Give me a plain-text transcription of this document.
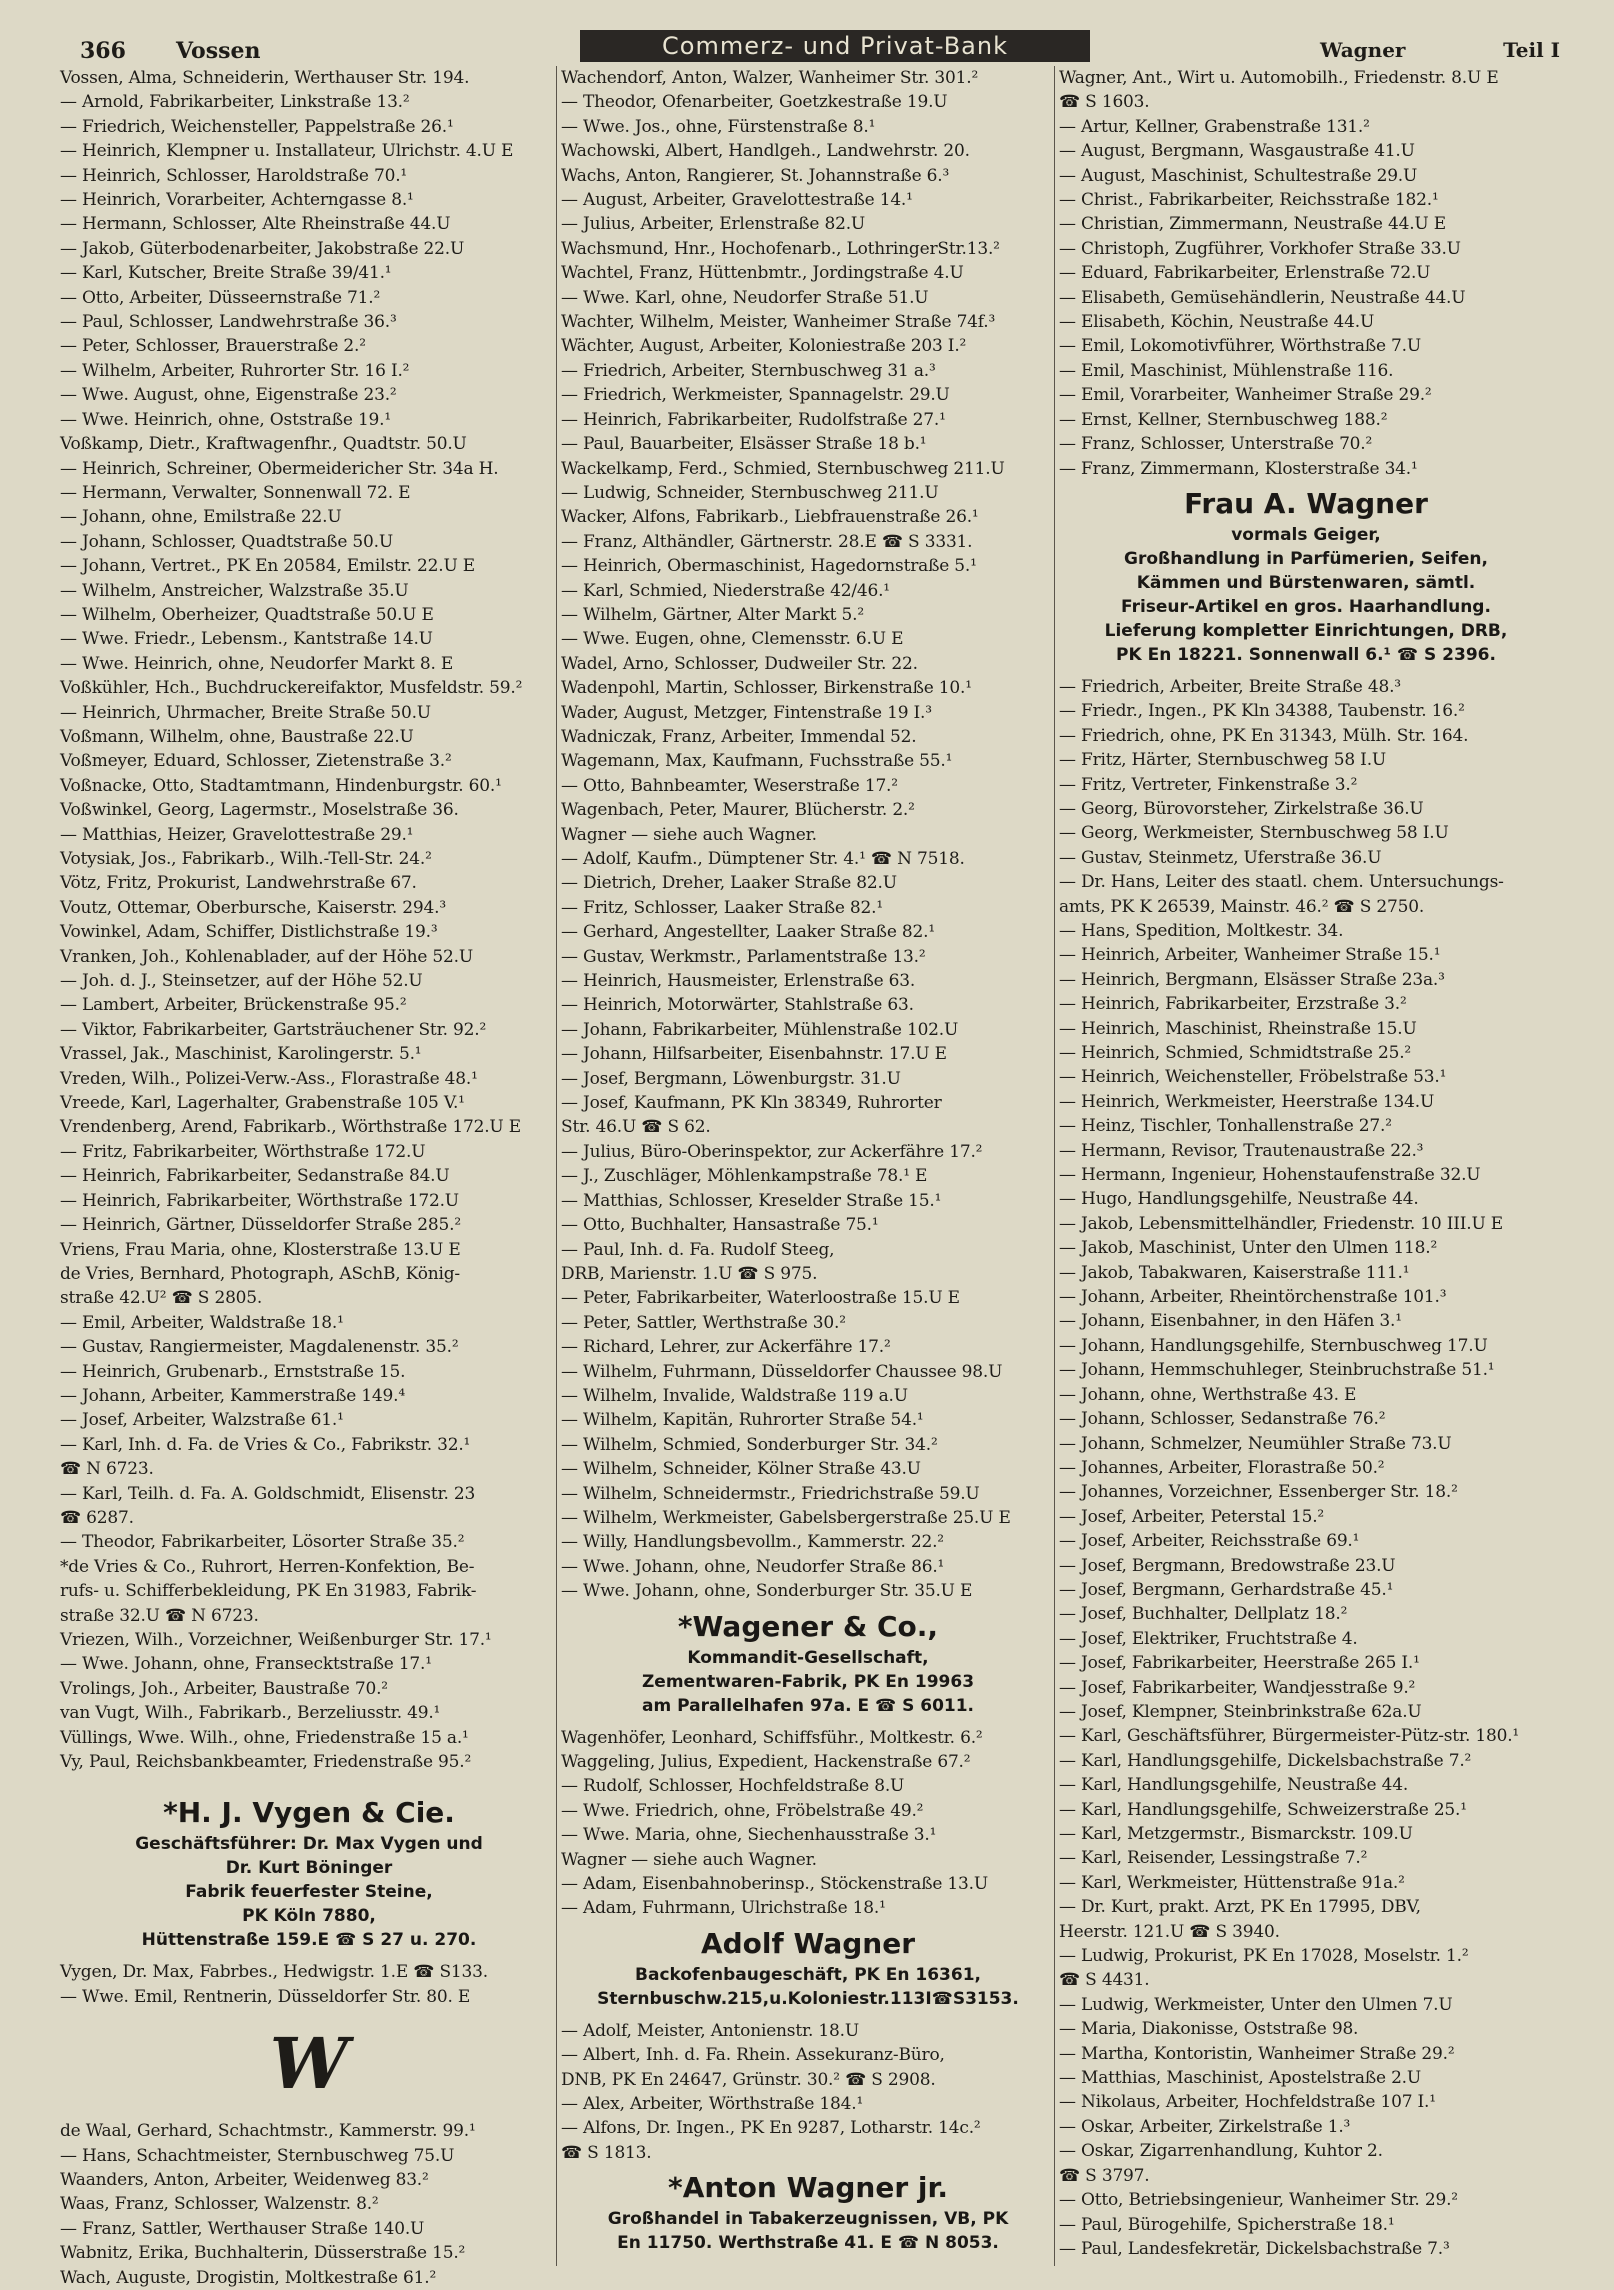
366 Vossen	Commerz- und Privat-Bank	Wagner	Teil I
Vossen, Alma, Schneiderin, Werthauser Str. 194.
— Arnold, Fabrikarbeiter, Linkstraße 13.²
— Friedrich, Weichensteller, Pappelstraße 26.¹
— Heinrich, Klempner u. Installateur, Ulrichstr. 4.U E
— Heinrich, Schlosser, Haroldstraße 70.¹
— Heinrich, Vorarbeiter, Achterngasse 8.¹
— Hermann, Schlosser, Alte Rheinstraße 44.U
— Jakob, Güterbodenarbeiter, Jakobstraße 22.U
— Karl, Kutscher, Breite Straße 39/41.¹
— Otto, Arbeiter, Düsseernstraße 71.²
— Paul, Schlosser, Landwehrstraße 36.³
— Peter, Schlosser, Brauerstraße 2.²
— Wilhelm, Arbeiter, Ruhrorter Str. 16 I.²
— Wwe. August, ohne, Eigenstraße 23.²
— Wwe. Heinrich, ohne, Oststraße 19.¹
Voßkamp, Dietr., Kraftwagenfhr., Quadtstr. 50.U
— Heinrich, Schreiner, Obermeidericher Str. 34a H.
— Hermann, Verwalter, Sonnenwall 72. E
— Johann, ohne, Emilstraße 22.U
— Johann, Schlosser, Quadtstraße 50.U
— Johann, Vertret., PK En 20584, Emilstr. 22.U E
— Wilhelm, Anstreicher, Walzstraße 35.U
— Wilhelm, Oberheizer, Quadtstraße 50.U E
— Wwe. Friedr., Lebensm., Kantstraße 14.U
— Wwe. Heinrich, ohne, Neudorfer Markt 8. E
Voßkühler, Hch., Buchdruckereifaktor, Musfeldstr. 59.²
— Heinrich, Uhrmacher, Breite Straße 50.U
Voßmann, Wilhelm, ohne, Baustraße 22.U
Voßmeyer, Eduard, Schlosser, Zietenstraße 3.²
Voßnacke, Otto, Stadtamtmann, Hindenburgstr. 60.¹
Voßwinkel, Georg, Lagermstr., Moselstraße 36.
— Matthias, Heizer, Gravelottestraße 29.¹
Votysiak, Jos., Fabrikarb., Wilh.-Tell-Str. 24.²
Vötz, Fritz, Prokurist, Landwehrstraße 67.
Voutz, Ottemar, Oberbursche, Kaiserstr. 294.³
Vowinkel, Adam, Schiffer, Distlichstraße 19.³
Vranken, Joh., Kohlenablader, auf der Höhe 52.U
— Joh. d. J., Steinsetzer, auf der Höhe 52.U
— Lambert, Arbeiter, Brückenstraße 95.²
— Viktor, Fabrikarbeiter, Gartsträuchener Str. 92.²
Vrassel, Jak., Maschinist, Karolingerstr. 5.¹
Vreden, Wilh., Polizei-Verw.-Ass., Florastraße 48.¹
Vreede, Karl, Lagerhalter, Grabenstraße 105 V.¹
Vrendenberg, Arend, Fabrikarb., Wörthstraße 172.U E
— Fritz, Fabrikarbeiter, Wörthstraße 172.U
— Heinrich, Fabrikarbeiter, Sedanstraße 84.U
— Heinrich, Fabrikarbeiter, Wörthstraße 172.U
— Heinrich, Gärtner, Düsseldorfer Straße 285.²
Vriens, Frau Maria, ohne, Klosterstraße 13.U E
de Vries, Bernhard, Photograph, ASchB, König-
straße 42.U² ☎ S 2805.
— Emil, Arbeiter, Waldstraße 18.¹
— Gustav, Rangiermeister, Magdalenenstr. 35.²
— Heinrich, Grubenarb., Ernststraße 15.
— Johann, Arbeiter, Kammerstraße 149.⁴
— Josef, Arbeiter, Walzstraße 61.¹
— Karl, Inh. d. Fa. de Vries & Co., Fabrikstr. 32.¹
☎ N 6723.
— Karl, Teilh. d. Fa. A. Goldschmidt, Elisenstr. 23
☎ 6287.
— Theodor, Fabrikarbeiter, Lösorter Straße 35.²
*de Vries & Co., Ruhrort, Herren-Konfektion, Be-
rufs- u. Schifferbekleidung, PK En 31983, Fabrik-
straße 32.U ☎ N 6723.
Vriezen, Wilh., Vorzeichner, Weißenburger Str. 17.¹
— Wwe. Johann, ohne, Fransecktstraße 17.¹
Vrolings, Joh., Arbeiter, Baustraße 70.²
van Vugt, Wilh., Fabrikarb., Berzeliusstr. 49.¹
Vüllings, Wwe. Wilh., ohne, Friedenstraße 15 a.¹
Vy, Paul, Reichsbankbeamter, Friedenstraße 95.²
*H. J. Vygen & Cie.
Geschäftsführer: Dr. Max Vygen und
Dr. Kurt Böninger
Fabrik feuerfester Steine,
PK Köln 7880,
Hüttenstraße 159.E ☎ S 27 u. 270.
Vygen, Dr. Max, Fabrbes., Hedwigstr. 1.E ☎ S133.
— Wwe. Emil, Rentnerin, Düsseldorfer Str. 80. E
W
de Waal, Gerhard, Schachtmstr., Kammerstr. 99.¹
— Hans, Schachtmeister, Sternbuschweg 75.U
Waanders, Anton, Arbeiter, Weidenweg 83.²
Waas, Franz, Schlosser, Walzenstr. 8.²
— Franz, Sattler, Werthauser Straße 140.U
Wabnitz, Erika, Buchhalterin, Düsserstraße 15.²
Wach, Auguste, Drogistin, Moltkestraße 61.²
Wachendorf, Anton, Walzer, Wanheimer Str. 301.²
— Theodor, Ofenarbeiter, Goetzkestraße 19.U
— Wwe. Jos., ohne, Fürstenstraße 8.¹
Wachowski, Albert, Handlgeh., Landwehrstr. 20.
Wachs, Anton, Rangierer, St. Johannstraße 6.³
— August, Arbeiter, Gravelottestraße 14.¹
— Julius, Arbeiter, Erlenstraße 82.U
Wachsmund, Hnr., Hochofenarb., LothringerStr.13.²
Wachtel, Franz, Hüttenbmtr., Jordingstraße 4.U
— Wwe. Karl, ohne, Neudorfer Straße 51.U
Wachter, Wilhelm, Meister, Wanheimer Straße 74f.³
Wächter, August, Arbeiter, Koloniestraße 203 I.²
— Friedrich, Arbeiter, Sternbuschweg 31 a.³
— Friedrich, Werkmeister, Spannagelstr. 29.U
— Heinrich, Fabrikarbeiter, Rudolfstraße 27.¹
— Paul, Bauarbeiter, Elsässer Straße 18 b.¹
Wackelkamp, Ferd., Schmied, Sternbuschweg 211.U
— Ludwig, Schneider, Sternbuschweg 211.U
Wacker, Alfons, Fabrikarb., Liebfrauenstraße 26.¹
— Franz, Althändler, Gärtnerstr. 28.E ☎ S 3331.
— Heinrich, Obermaschinist, Hagedornstraße 5.¹
— Karl, Schmied, Niederstraße 42/46.¹
— Wilhelm, Gärtner, Alter Markt 5.²
— Wwe. Eugen, ohne, Clemensstr. 6.U E
Wadel, Arno, Schlosser, Dudweiler Str. 22.
Wadenpohl, Martin, Schlosser, Birkenstraße 10.¹
Wader, August, Metzger, Fintenstraße 19 I.³
Wadniczak, Franz, Arbeiter, Immendal 52.
Wagemann, Max, Kaufmann, Fuchsstraße 55.¹
— Otto, Bahnbeamter, Weserstraße 17.²
Wagenbach, Peter, Maurer, Blücherstr. 2.²
Wagner — siehe auch Wagner.
— Adolf, Kaufm., Dümptener Str. 4.¹ ☎ N 7518.
— Dietrich, Dreher, Laaker Straße 82.U
— Fritz, Schlosser, Laaker Straße 82.¹
— Gerhard, Angestellter, Laaker Straße 82.¹
— Gustav, Werkmstr., Parlamentstraße 13.²
— Heinrich, Hausmeister, Erlenstraße 63.
— Heinrich, Motorwärter, Stahlstraße 63.
— Johann, Fabrikarbeiter, Mühlenstraße 102.U
— Johann, Hilfsarbeiter, Eisenbahnstr. 17.U E
— Josef, Bergmann, Löwenburgstr. 31.U
— Josef, Kaufmann, PK Kln 38349, Ruhrorter
Str. 46.U ☎ S 62.
— Julius, Büro-Oberinspektor, zur Ackerfähre 17.²
— J., Zuschläger, Möhlenkampstraße 78.¹ E
— Matthias, Schlosser, Kreselder Straße 15.¹
— Otto, Buchhalter, Hansastraße 75.¹
— Paul, Inh. d. Fa. Rudolf Steeg,
DRB, Marienstr. 1.U ☎ S 975.
— Peter, Fabrikarbeiter, Waterloostraße 15.U E
— Peter, Sattler, Werthstraße 30.²
— Richard, Lehrer, zur Ackerfähre 17.²
— Wilhelm, Fuhrmann, Düsseldorfer Chaussee 98.U
— Wilhelm, Invalide, Waldstraße 119 a.U
— Wilhelm, Kapitän, Ruhrorter Straße 54.¹
— Wilhelm, Schmied, Sonderburger Str. 34.²
— Wilhelm, Schneider, Kölner Straße 43.U
— Wilhelm, Schneidermstr., Friedrichstraße 59.U
— Wilhelm, Werkmeister, Gabelsbergerstraße 25.U E
— Willy, Handlungsbevollm., Kammerstr. 22.²
— Wwe. Johann, ohne, Neudorfer Straße 86.¹
— Wwe. Johann, ohne, Sonderburger Str. 35.U E
*Wagener & Co.,
Kommandit-Gesellschaft,
Zementwaren-Fabrik, PK En 19963
am Parallelhafen 97a. E ☎ S 6011.
Wagenhöfer, Leonhard, Schiffsführ., Moltkestr. 6.²
Waggeling, Julius, Expedient, Hackenstraße 67.²
— Rudolf, Schlosser, Hochfeldstraße 8.U
— Wwe. Friedrich, ohne, Fröbelstraße 49.²
— Wwe. Maria, ohne, Siechenhausstraße 3.¹
Wagner — siehe auch Wagner.
— Adam, Eisenbahnoberinsp., Stöckenstraße 13.U
— Adam, Fuhrmann, Ulrichstraße 18.¹
Adolf Wagner
Backofenbaugeschäft, PK En 16361,
Sternbuschw.215,u.Koloniestr.113I☎S3153.
— Adolf, Meister, Antonienstr. 18.U
— Albert, Inh. d. Fa. Rhein. Assekuranz-Büro,
DNB, PK En 24647, Grünstr. 30.² ☎ S 2908.
— Alex, Arbeiter, Wörthstraße 184.¹
— Alfons, Dr. Ingen., PK En 9287, Lotharstr. 14c.²
☎ S 1813.
*Anton Wagner jr.
Großhandel in Tabakerzeugnissen, VB, PK
En 11750. Werthstraße 41. E ☎ N 8053.
Wagner, Ant., Wirt u. Automobilh., Friedenstr. 8.U E
☎ S 1603.
— Artur, Kellner, Grabenstraße 131.²
— August, Bergmann, Wasgaustraße 41.U
— August, Maschinist, Schultestraße 29.U
— Christ., Fabrikarbeiter, Reichsstraße 182.¹
— Christian, Zimmermann, Neustraße 44.U E
— Christoph, Zugführer, Vorkhofer Straße 33.U
— Eduard, Fabrikarbeiter, Erlenstraße 72.U
— Elisabeth, Gemüsehändlerin, Neustraße 44.U
— Elisabeth, Köchin, Neustraße 44.U
— Emil, Lokomotivführer, Wörthstraße 7.U
— Emil, Maschinist, Mühlenstraße 116.
— Emil, Vorarbeiter, Wanheimer Straße 29.²
— Ernst, Kellner, Sternbuschweg 188.²
— Franz, Schlosser, Unterstraße 70.²
— Franz, Zimmermann, Klosterstraße 34.¹
Frau A. Wagner
vormals Geiger,
Großhandlung in Parfümerien, Seifen,
Kämmen und Bürstenwaren, sämtl.
Friseur-Artikel en gros. Haarhandlung.
Lieferung kompletter Einrichtungen, DRB,
PK En 18221. Sonnenwall 6.¹ ☎ S 2396.
— Friedrich, Arbeiter, Breite Straße 48.³
— Friedr., Ingen., PK Kln 34388, Taubenstr. 16.²
— Friedrich, ohne, PK En 31343, Mülh. Str. 164.
— Fritz, Härter, Sternbuschweg 58 I.U
— Fritz, Vertreter, Finkenstraße 3.²
— Georg, Bürovorsteher, Zirkelstraße 36.U
— Georg, Werkmeister, Sternbuschweg 58 I.U
— Gustav, Steinmetz, Uferstraße 36.U
— Dr. Hans, Leiter des staatl. chem. Untersuchungs-
amts, PK K 26539, Mainstr. 46.² ☎ S 2750.
— Hans, Spedition, Moltkestr. 34.
— Heinrich, Arbeiter, Wanheimer Straße 15.¹
— Heinrich, Bergmann, Elsässer Straße 23a.³
— Heinrich, Fabrikarbeiter, Erzstraße 3.²
— Heinrich, Maschinist, Rheinstraße 15.U
— Heinrich, Schmied, Schmidtstraße 25.²
— Heinrich, Weichensteller, Fröbelstraße 53.¹
— Heinrich, Werkmeister, Heerstraße 134.U
— Heinz, Tischler, Tonhallenstraße 27.²
— Hermann, Revisor, Trautenaustraße 22.³
— Hermann, Ingenieur, Hohenstaufenstraße 32.U
— Hugo, Handlungsgehilfe, Neustraße 44.
— Jakob, Lebensmittelhändler, Friedenstr. 10 III.U E
— Jakob, Maschinist, Unter den Ulmen 118.²
— Jakob, Tabakwaren, Kaiserstraße 111.¹
— Johann, Arbeiter, Rheintörchenstraße 101.³
— Johann, Eisenbahner, in den Häfen 3.¹
— Johann, Handlungsgehilfe, Sternbuschweg 17.U
— Johann, Hemmschuhleger, Steinbruchstraße 51.¹
— Johann, ohne, Werthstraße 43. E
— Johann, Schlosser, Sedanstraße 76.²
— Johann, Schmelzer, Neumühler Straße 73.U
— Johannes, Arbeiter, Florastraße 50.²
— Johannes, Vorzeichner, Essenberger Str. 18.²
— Josef, Arbeiter, Peterstal 15.²
— Josef, Arbeiter, Reichsstraße 69.¹
— Josef, Bergmann, Bredowstraße 23.U
— Josef, Bergmann, Gerhardstraße 45.¹
— Josef, Buchhalter, Dellplatz 18.²
— Josef, Elektriker, Fruchtstraße 4.
— Josef, Fabrikarbeiter, Heerstraße 265 I.¹
— Josef, Fabrikarbeiter, Wandjesstraße 9.²
— Josef, Klempner, Steinbrinkstraße 62a.U
— Karl, Geschäftsführer, Bürgermeister-Pütz-str. 180.¹
— Karl, Handlungsgehilfe, Dickelsbachstraße 7.²
— Karl, Handlungsgehilfe, Neustraße 44.
— Karl, Handlungsgehilfe, Schweizerstraße 25.¹
— Karl, Metzgermstr., Bismarckstr. 109.U
— Karl, Reisender, Lessingstraße 7.²
— Karl, Werkmeister, Hüttenstraße 91a.²
— Dr. Kurt, prakt. Arzt, PK En 17995, DBV,
Heerstr. 121.U ☎ S 3940.
— Ludwig, Prokurist, PK En 17028, Moselstr. 1.²
☎ S 4431.
— Ludwig, Werkmeister, Unter den Ulmen 7.U
— Maria, Diakonisse, Oststraße 98.
— Martha, Kontoristin, Wanheimer Straße 29.²
— Matthias, Maschinist, Apostelstraße 2.U
— Nikolaus, Arbeiter, Hochfeldstraße 107 I.¹
— Oskar, Arbeiter, Zirkelstraße 1.³
— Oskar, Zigarrenhandlung, Kuhtor 2.
☎ S 3797.
— Otto, Betriebsingenieur, Wanheimer Str. 29.²
— Paul, Bürogehilfe, Spicherstraße 18.¹
— Paul, Landesfekretär, Dickelsbachstraße 7.³
